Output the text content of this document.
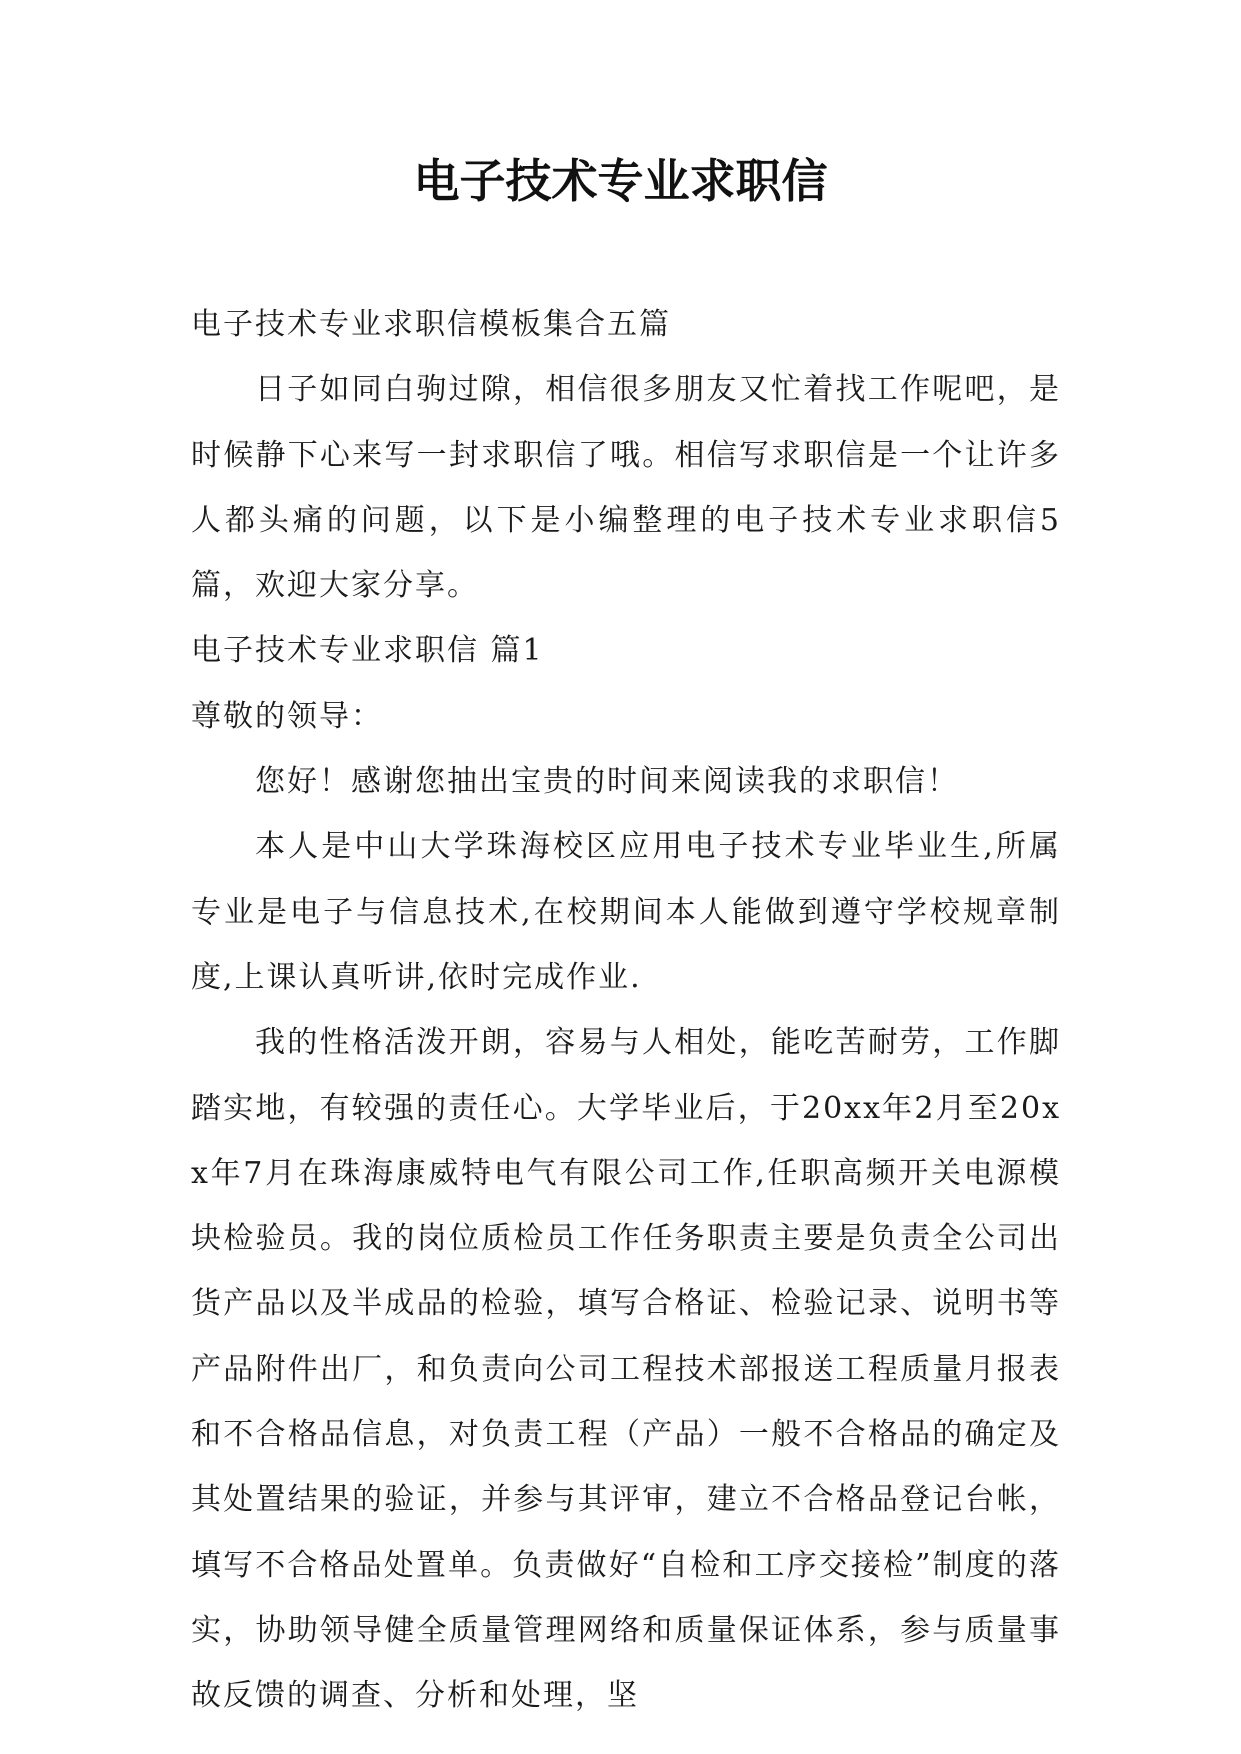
电子技术专业求职信

电子技术专业求职信模板集合五篇

日子如同白驹过隙，相信很多朋友又忙着找工作呢吧，是时候静下心来写一封求职信了哦。相信写求职信是一个让许多人都头痛的问题，以下是小编整理的电子技术专业求职信5篇，欢迎大家分享。

电子技术专业求职信 篇1

尊敬的领导：

您好！感谢您抽出宝贵的时间来阅读我的求职信！

本人是中山大学珠海校区应用电子技术专业毕业生,所属专业是电子与信息技术,在校期间本人能做到遵守学校规章制度,上课认真听讲,依时完成作业.

我的性格活泼开朗，容易与人相处，能吃苦耐劳，工作脚踏实地，有较强的责任心。大学毕业后，于20xx年2月至20xx年7月在珠海康威特电气有限公司工作,任职高频开关电源模块检验员。我的岗位质检员工作任务职责主要是负责全公司出货产品以及半成品的检验，填写合格证、检验记录、说明书等产品附件出厂，和负责向公司工程技术部报送工程质量月报表和不合格品信息，对负责工程（产品）一般不合格品的确定及其处置结果的验证，并参与其评审，建立不合格品登记台帐，填写不合格品处置单。负责做好“自检和工序交接检”制度的落实，协助领导健全质量管理网络和质量保证体系，参与质量事故反馈的调查、分析和处理，坚
